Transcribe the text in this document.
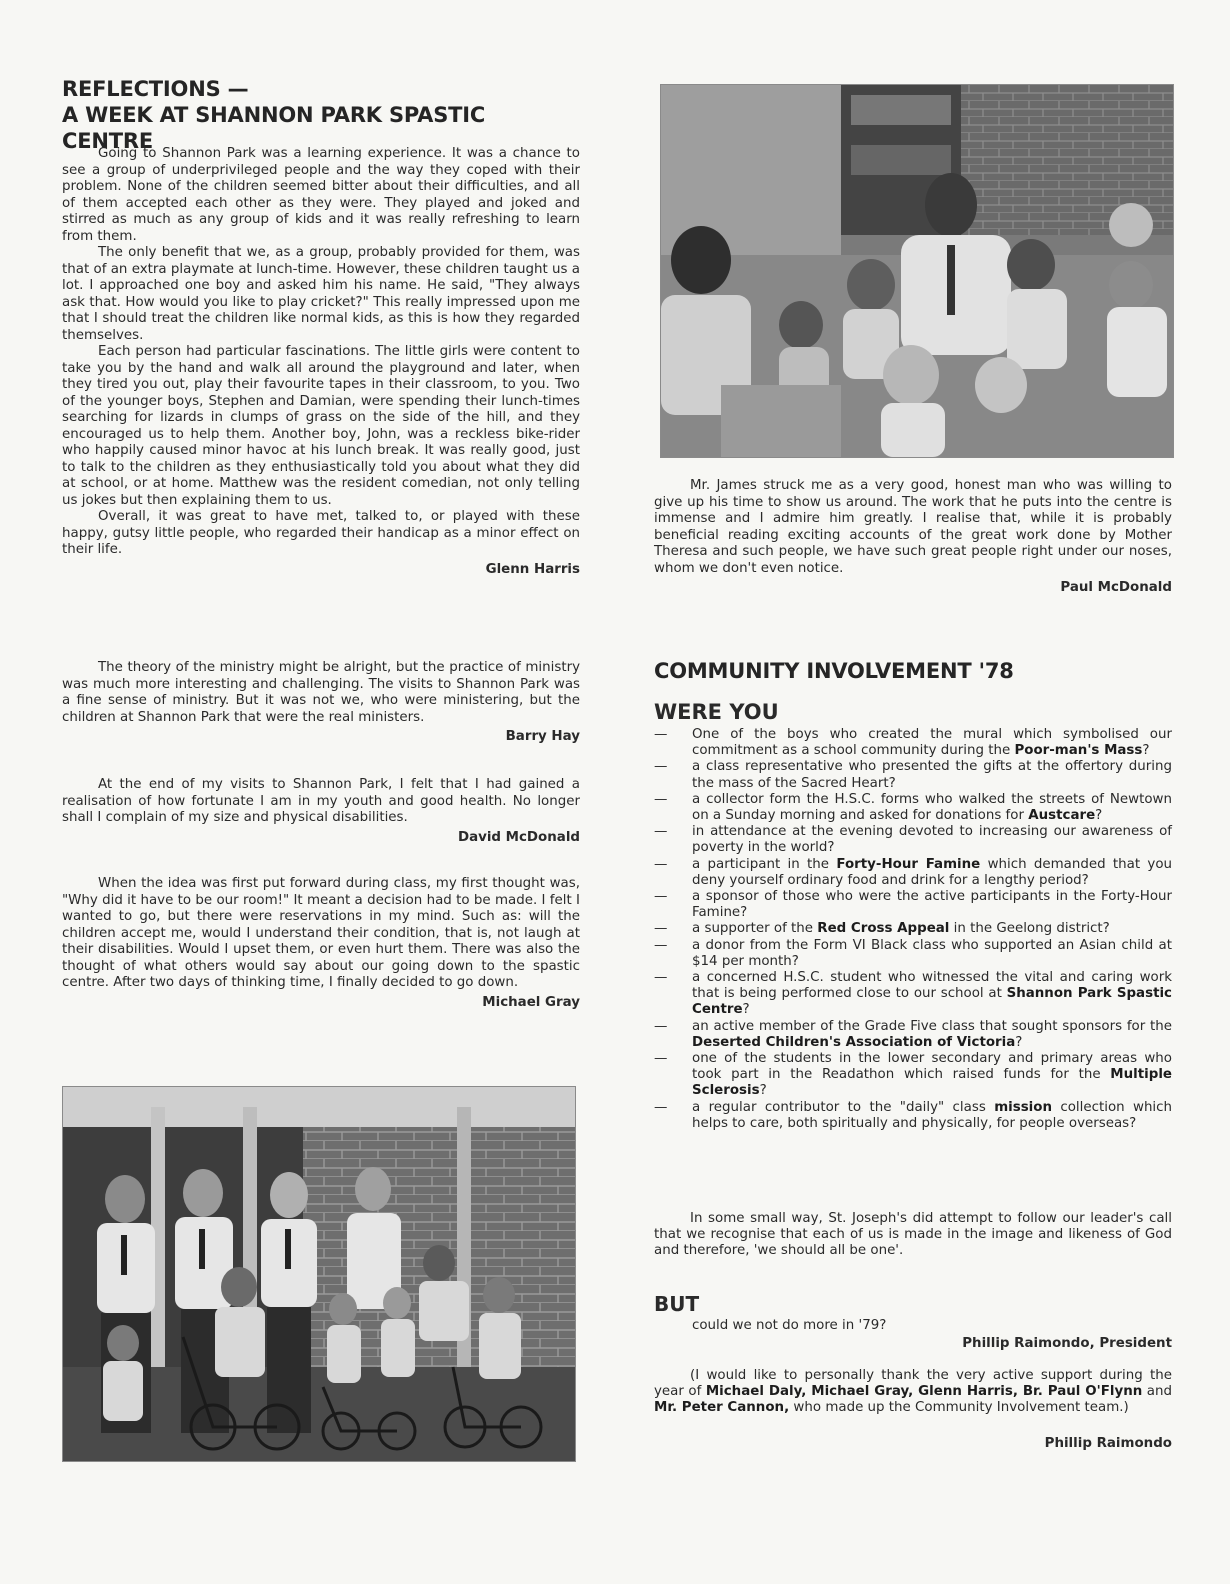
REFLECTIONS —
A WEEK AT SHANNON PARK SPASTIC CENTRE

Going to Shannon Park was a learning experience. It was a chance to see a group of underprivileged people and the way they coped with their problem. None of the children seemed bitter about their difficulties, and all of them accepted each other as they were. They played and joked and stirred as much as any group of kids and it was really refreshing to learn from them.

The only benefit that we, as a group, probably provided for them, was that of an extra playmate at lunch-time. However, these children taught us a lot. I approached one boy and asked him his name. He said, "They always ask that. How would you like to play cricket?" This really impressed upon me that I should treat the children like normal kids, as this is how they regarded themselves.

Each person had particular fascinations. The little girls were content to take you by the hand and walk all around the playground and later, when they tired you out, play their favourite tapes in their classroom, to you. Two of the younger boys, Stephen and Damian, were spending their lunch-times searching for lizards in clumps of grass on the side of the hill, and they encouraged us to help them. Another boy, John, was a reckless bike-rider who happily caused minor havoc at his lunch break. It was really good, just to talk to the children as they enthusiastically told you about what they did at school, or at home. Matthew was the resident comedian, not only telling us jokes but then explaining them to us.

Overall, it was great to have met, talked to, or played with these happy, gutsy little people, who regarded their handicap as a minor effect on their life.

Glenn Harris

The theory of the ministry might be alright, but the practice of ministry was much more interesting and challenging. The visits to Shannon Park was a fine sense of ministry. But it was not we, who were ministering, but the children at Shannon Park that were the real ministers.

Barry Hay

At the end of my visits to Shannon Park, I felt that I had gained a realisation of how fortunate I am in my youth and good health. No longer shall I complain of my size and physical disabilities.

David McDonald

When the idea was first put forward during class, my first thought was, "Why did it have to be our room!" It meant a decision had to be made. I felt I wanted to go, but there were reservations in my mind. Such as: will the children accept me, would I understand their condition, that is, not laugh at their disabilities. Would I upset them, or even hurt them. There was also the thought of what others would say about our going down to the spastic centre. After two days of thinking time, I finally decided to go down.

Michael Gray

Mr. James struck me as a very good, honest man who was willing to give up his time to show us around. The work that he puts into the centre is immense and I admire him greatly. I realise that, while it is probably beneficial reading exciting accounts of the great work done by Mother Theresa and such people, we have such great people right under our noses, whom we don't even notice.

Paul McDonald
COMMUNITY INVOLVEMENT '78
WERE YOU
— One of the boys who created the mural which symbolised our commitment as a school community during the Poor-man's Mass?
— a class representative who presented the gifts at the offertory during the mass of the Sacred Heart?
— a collector form the H.S.C. forms who walked the streets of Newtown on a Sunday morning and asked for donations for Austcare?
— in attendance at the evening devoted to increasing our awareness of poverty in the world?
— a participant in the Forty-Hour Famine which demanded that you deny yourself ordinary food and drink for a lengthy period?
— a sponsor of those who were the active participants in the Forty-Hour Famine?
— a supporter of the Red Cross Appeal in the Geelong district?
— a donor from the Form VI Black class who supported an Asian child at $14 per month?
— a concerned H.S.C. student who witnessed the vital and caring work that is being performed close to our school at Shannon Park Spastic Centre?
— an active member of the Grade Five class that sought sponsors for the Deserted Children's Association of Victoria?
— one of the students in the lower secondary and primary areas who took part in the Readathon which raised funds for the Multiple Sclerosis?
— a regular contributor to the "daily" class mission collection which helps to care, both spiritually and physically, for people overseas?

In some small way, St. Joseph's did attempt to follow our leader's call that we recognise that each of us is made in the image and likeness of God and therefore, 'we should all be one'.

BUT
could we not do more in '79?
Phillip Raimondo, President

(I would like to personally thank the very active support during the year of Michael Daly, Michael Gray, Glenn Harris, Br. Paul O'Flynn and Mr. Peter Cannon, who made up the Community Involvement team.)

Phillip Raimondo
